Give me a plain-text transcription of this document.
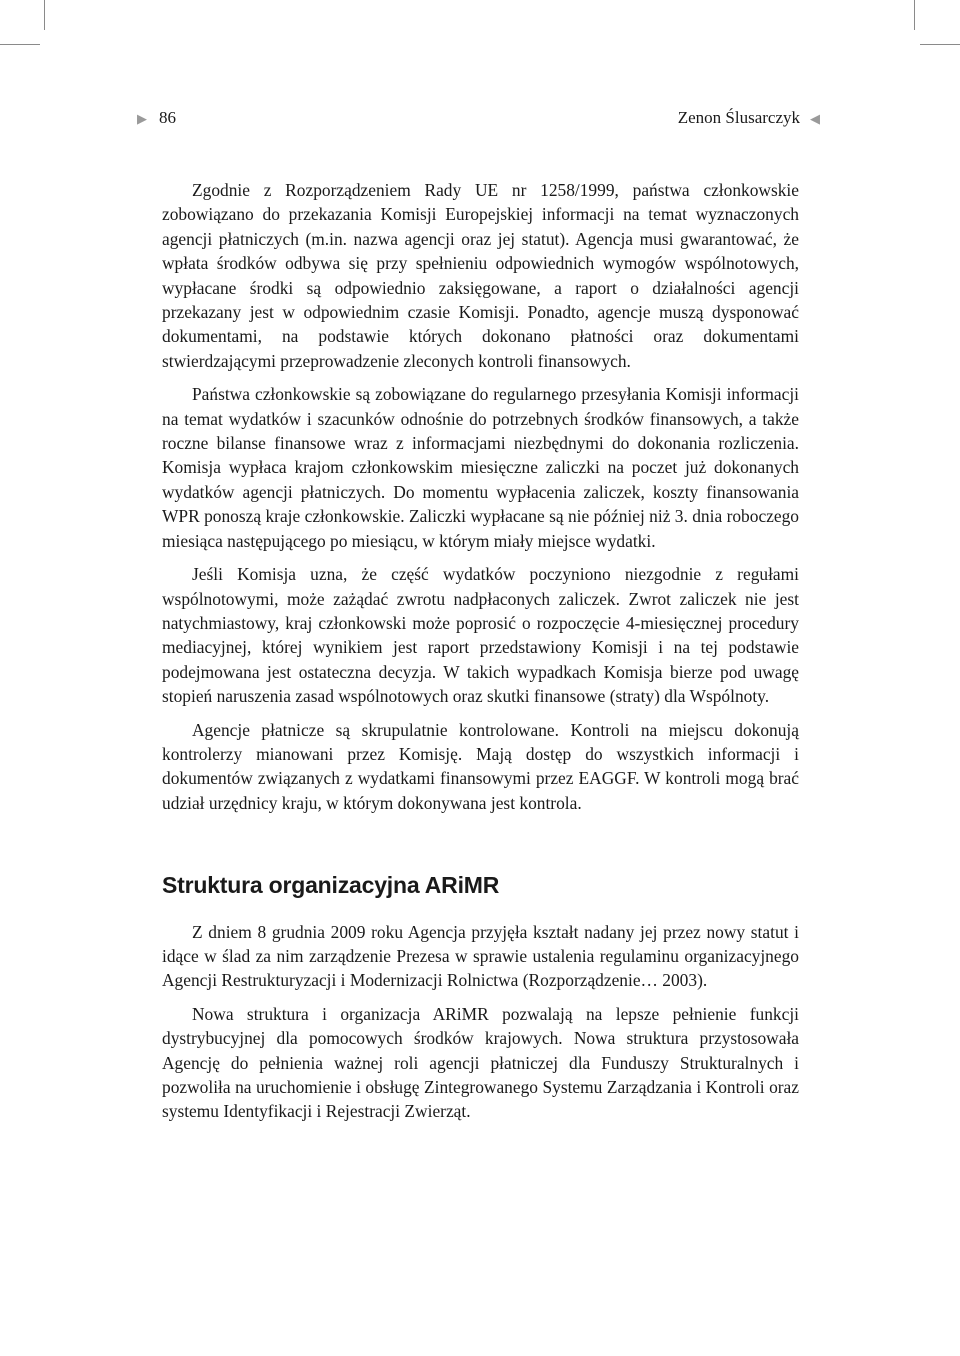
▶ 86	Zenon Ślusarczyk ◀

Zgodnie z Rozporządzeniem Rady UE nr 1258/1999, państwa członkowskie zobowiązano do przekazania Komisji Europejskiej informacji na temat wyznaczonych agencji płatniczych (m.in. nazwa agencji oraz jej statut). Agencja musi gwarantować, że wpłata środków odbywa się przy spełnieniu odpowiednich wymogów wspólnotowych, wypłacane środki są odpowiednio zaksięgowane, a raport o działalności agencji przekazany jest w odpowiednim czasie Komisji. Ponadto, agencje muszą dysponować dokumentami, na podstawie których dokonano płatności oraz dokumentami stwierdzającymi przeprowadzenie zleconych kontroli finansowych.

Państwa członkowskie są zobowiązane do regularnego przesyłania Komisji informacji na temat wydatków i szacunków odnośnie do potrzebnych środków finansowych, a także roczne bilanse finansowe wraz z informacjami niezbędnymi do dokonania rozliczenia. Komisja wypłaca krajom członkowskim miesięczne zaliczki na poczet już dokonanych wydatków agencji płatniczych. Do momentu wypłacenia zaliczek, koszty finansowania WPR ponoszą kraje członkowskie. Zaliczki wypłacane są nie później niż 3. dnia roboczego miesiąca następującego po miesiącu, w którym miały miejsce wydatki.

Jeśli Komisja uzna, że część wydatków poczyniono niezgodnie z regułami wspólnotowymi, może zażądać zwrotu nadpłaconych zaliczek. Zwrot zaliczek nie jest natychmiastowy, kraj członkowski może poprosić o rozpoczęcie 4-miesięcznej procedury mediacyjnej, której wynikiem jest raport przedstawiony Komisji i na tej podstawie podejmowana jest ostateczna decyzja. W takich wypadkach Komisja bierze pod uwagę stopień naruszenia zasad wspólnotowych oraz skutki finansowe (straty) dla Wspólnoty.

Agencje płatnicze są skrupulatnie kontrolowane. Kontroli na miejscu dokonują kontrolerzy mianowani przez Komisję. Mają dostęp do wszystkich informacji i dokumentów związanych z wydatkami finansowymi przez EAGGF. W kontroli mogą brać udział urzędnicy kraju, w którym dokonywana jest kontrola.

Struktura organizacyjna ARiMR

Z dniem 8 grudnia 2009 roku Agencja przyjęła kształt nadany jej przez nowy statut i idące w ślad za nim zarządzenie Prezesa w sprawie ustalenia regulaminu organizacyjnego Agencji Restrukturyzacji i Modernizacji Rolnictwa (Rozporządzenie… 2003).

Nowa struktura i organizacja ARiMR pozwalają na lepsze pełnienie funkcji dystrybucyjnej dla pomocowych środków krajowych. Nowa struktura przystosowała Agencję do pełnienia ważnej roli agencji płatniczej dla Funduszy Strukturalnych i pozwoliła na uruchomienie i obsługę Zintegrowanego Systemu Zarządzania i Kontroli oraz systemu Identyfikacji i Rejestracji Zwierząt.
